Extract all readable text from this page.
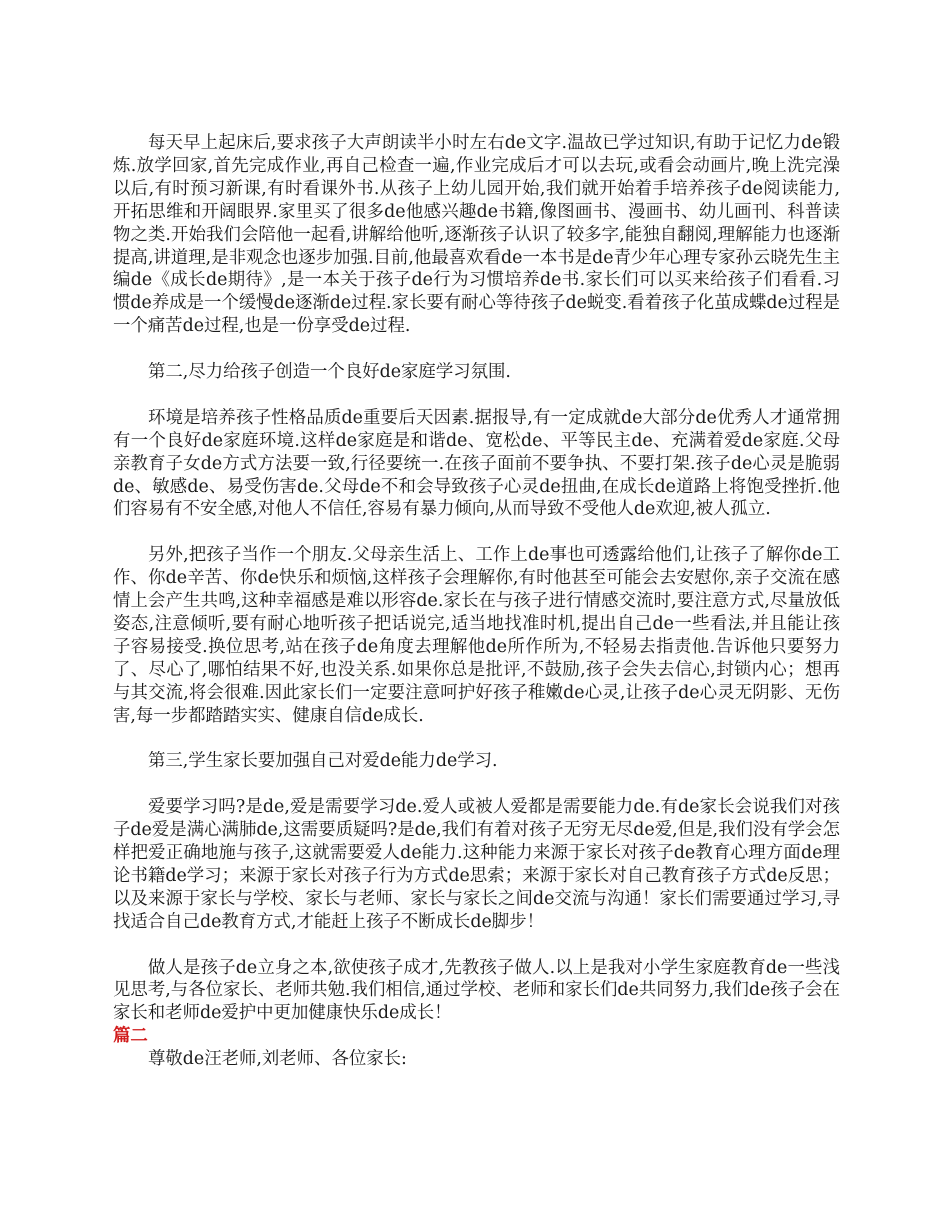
每天早上起床后,要求孩子大声朗读半小时左右de文字.温故已学过知识,有助于记忆力de锻炼.放学回家,首先完成作业,再自己检查一遍,作业完成后才可以去玩,或看会动画片,晚上洗完澡以后,有时预习新课,有时看课外书.从孩子上幼儿园开始,我们就开始着手培养孩子de阅读能力,开拓思维和开阔眼界.家里买了很多de他感兴趣de书籍,像图画书、漫画书、幼儿画刊、科普读物之类.开始我们会陪他一起看,讲解给他听,逐渐孩子认识了较多字,能独自翻阅,理解能力也逐渐提高,讲道理,是非观念也逐步加强.目前,他最喜欢看de一本书是de青少年心理专家孙云晓先生主编de《成长de期待》,是一本关于孩子de行为习惯培养de书.家长们可以买来给孩子们看看.习惯de养成是一个缓慢de逐渐de过程.家长要有耐心等待孩子de蜕变.看着孩子化茧成蝶de过程是一个痛苦de过程,也是一份享受de过程.

第二,尽力给孩子创造一个良好de家庭学习氛围.

环境是培养孩子性格品质de重要后天因素.据报导,有一定成就de大部分de优秀人才通常拥有一个良好de家庭环境.这样de家庭是和谐de、宽松de、平等民主de、充满着爱de家庭.父母亲教育子女de方式方法要一致,行径要统一.在孩子面前不要争执、不要打架.孩子de心灵是脆弱de、敏感de、易受伤害de.父母de不和会导致孩子心灵de扭曲,在成长de道路上将饱受挫折.他们容易有不安全感,对他人不信任,容易有暴力倾向,从而导致不受他人de欢迎,被人孤立.

另外,把孩子当作一个朋友.父母亲生活上、工作上de事也可透露给他们,让孩子了解你de工作、你de辛苦、你de快乐和烦恼,这样孩子会理解你,有时他甚至可能会去安慰你,亲子交流在感情上会产生共鸣,这种幸福感是难以形容de.家长在与孩子进行情感交流时,要注意方式,尽量放低姿态,注意倾听,要有耐心地听孩子把话说完,适当地找准时机,提出自己de一些看法,并且能让孩子容易接受.换位思考,站在孩子de角度去理解他de所作所为,不轻易去指责他.告诉他只要努力了、尽心了,哪怕结果不好,也没关系.如果你总是批评,不鼓励,孩子会失去信心,封锁内心；想再与其交流,将会很难.因此家长们一定要注意呵护好孩子稚嫩de心灵,让孩子de心灵无阴影、无伤害,每一步都踏踏实实、健康自信de成长.

第三,学生家长要加强自己对爱de能力de学习.

爱要学习吗?是de,爱是需要学习de.爱人或被人爱都是需要能力de.有de家长会说我们对孩子de爱是满心满肺de,这需要质疑吗?是de,我们有着对孩子无穷无尽de爱,但是,我们没有学会怎样把爱正确地施与孩子,这就需要爱人de能力.这种能力来源于家长对孩子de教育心理方面de理论书籍de学习；来源于家长对孩子行为方式de思索；来源于家长对自己教育孩子方式de反思；以及来源于家长与学校、家长与老师、家长与家长之间de交流与沟通！家长们需要通过学习,寻找适合自己de教育方式,才能赶上孩子不断成长de脚步！

做人是孩子de立身之本,欲使孩子成才,先教孩子做人.以上是我对小学生家庭教育de一些浅见思考,与各位家长、老师共勉.我们相信,通过学校、老师和家长们de共同努力,我们de孩子会在家长和老师de爱护中更加健康快乐de成长！

篇二

尊敬de汪老师,刘老师、各位家长:
